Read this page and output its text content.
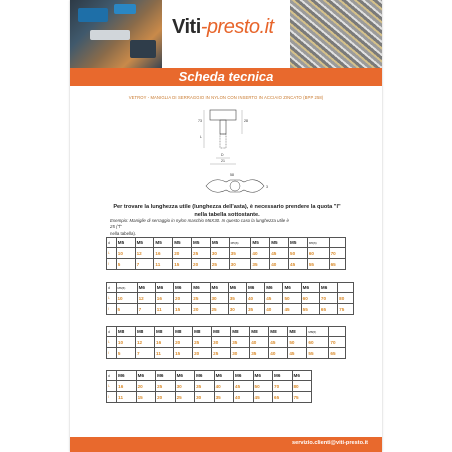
Viti-presto.it
Scheda tecnica
VETROY - MANIGLIA DI SERRAGGIO IN NYLON CON INSERTO IN ACCIAIO ZINCATO (BPP 258)
73	28
L
D
21
58
3
Per trovare la lunghezza utile (lunghezza dell'asta), è necessario prendere la quota "l" nella tabella sottostante.
Esempio: Maniglie di serraggio in nylon maschio M6X30. In questo caso la lunghezza utile è 25 ("l"
nella tabella).
d	M5	M5	M5	M5	M5	M5	M5(6)	M5	M5	M5	M5(6)	
L	10	12	16	20	25	30	35	40	45	50	60	70
l	5	7	11	15	20	25	30	35	40	45	55	65
d	M6(6)	M6	M6	M6	M6	M6	M6	M6	M6	M6	M6	M6	
L	10	12	16	20	25	30	35	40	45	50	60	70	80
l	5	7	11	15	20	25	30	35	40	45	55	65	75
d	M8	M8	M8	M8	M8	M8	M8	M8	M8	M8	M8(6)	
L	10	12	16	20	25	30	35	40	45	50	60	70
l	5	7	11	15	20	25	30	35	40	45	55	65
d	M6	M6	M6	M6	M6	M6	M6	M6	M6	M6
L	16	20	25	30	35	40	45	50	70	80
l	11	15	20	25	30	35	40	45	65	75
servizio.clienti@viti-presto.it
